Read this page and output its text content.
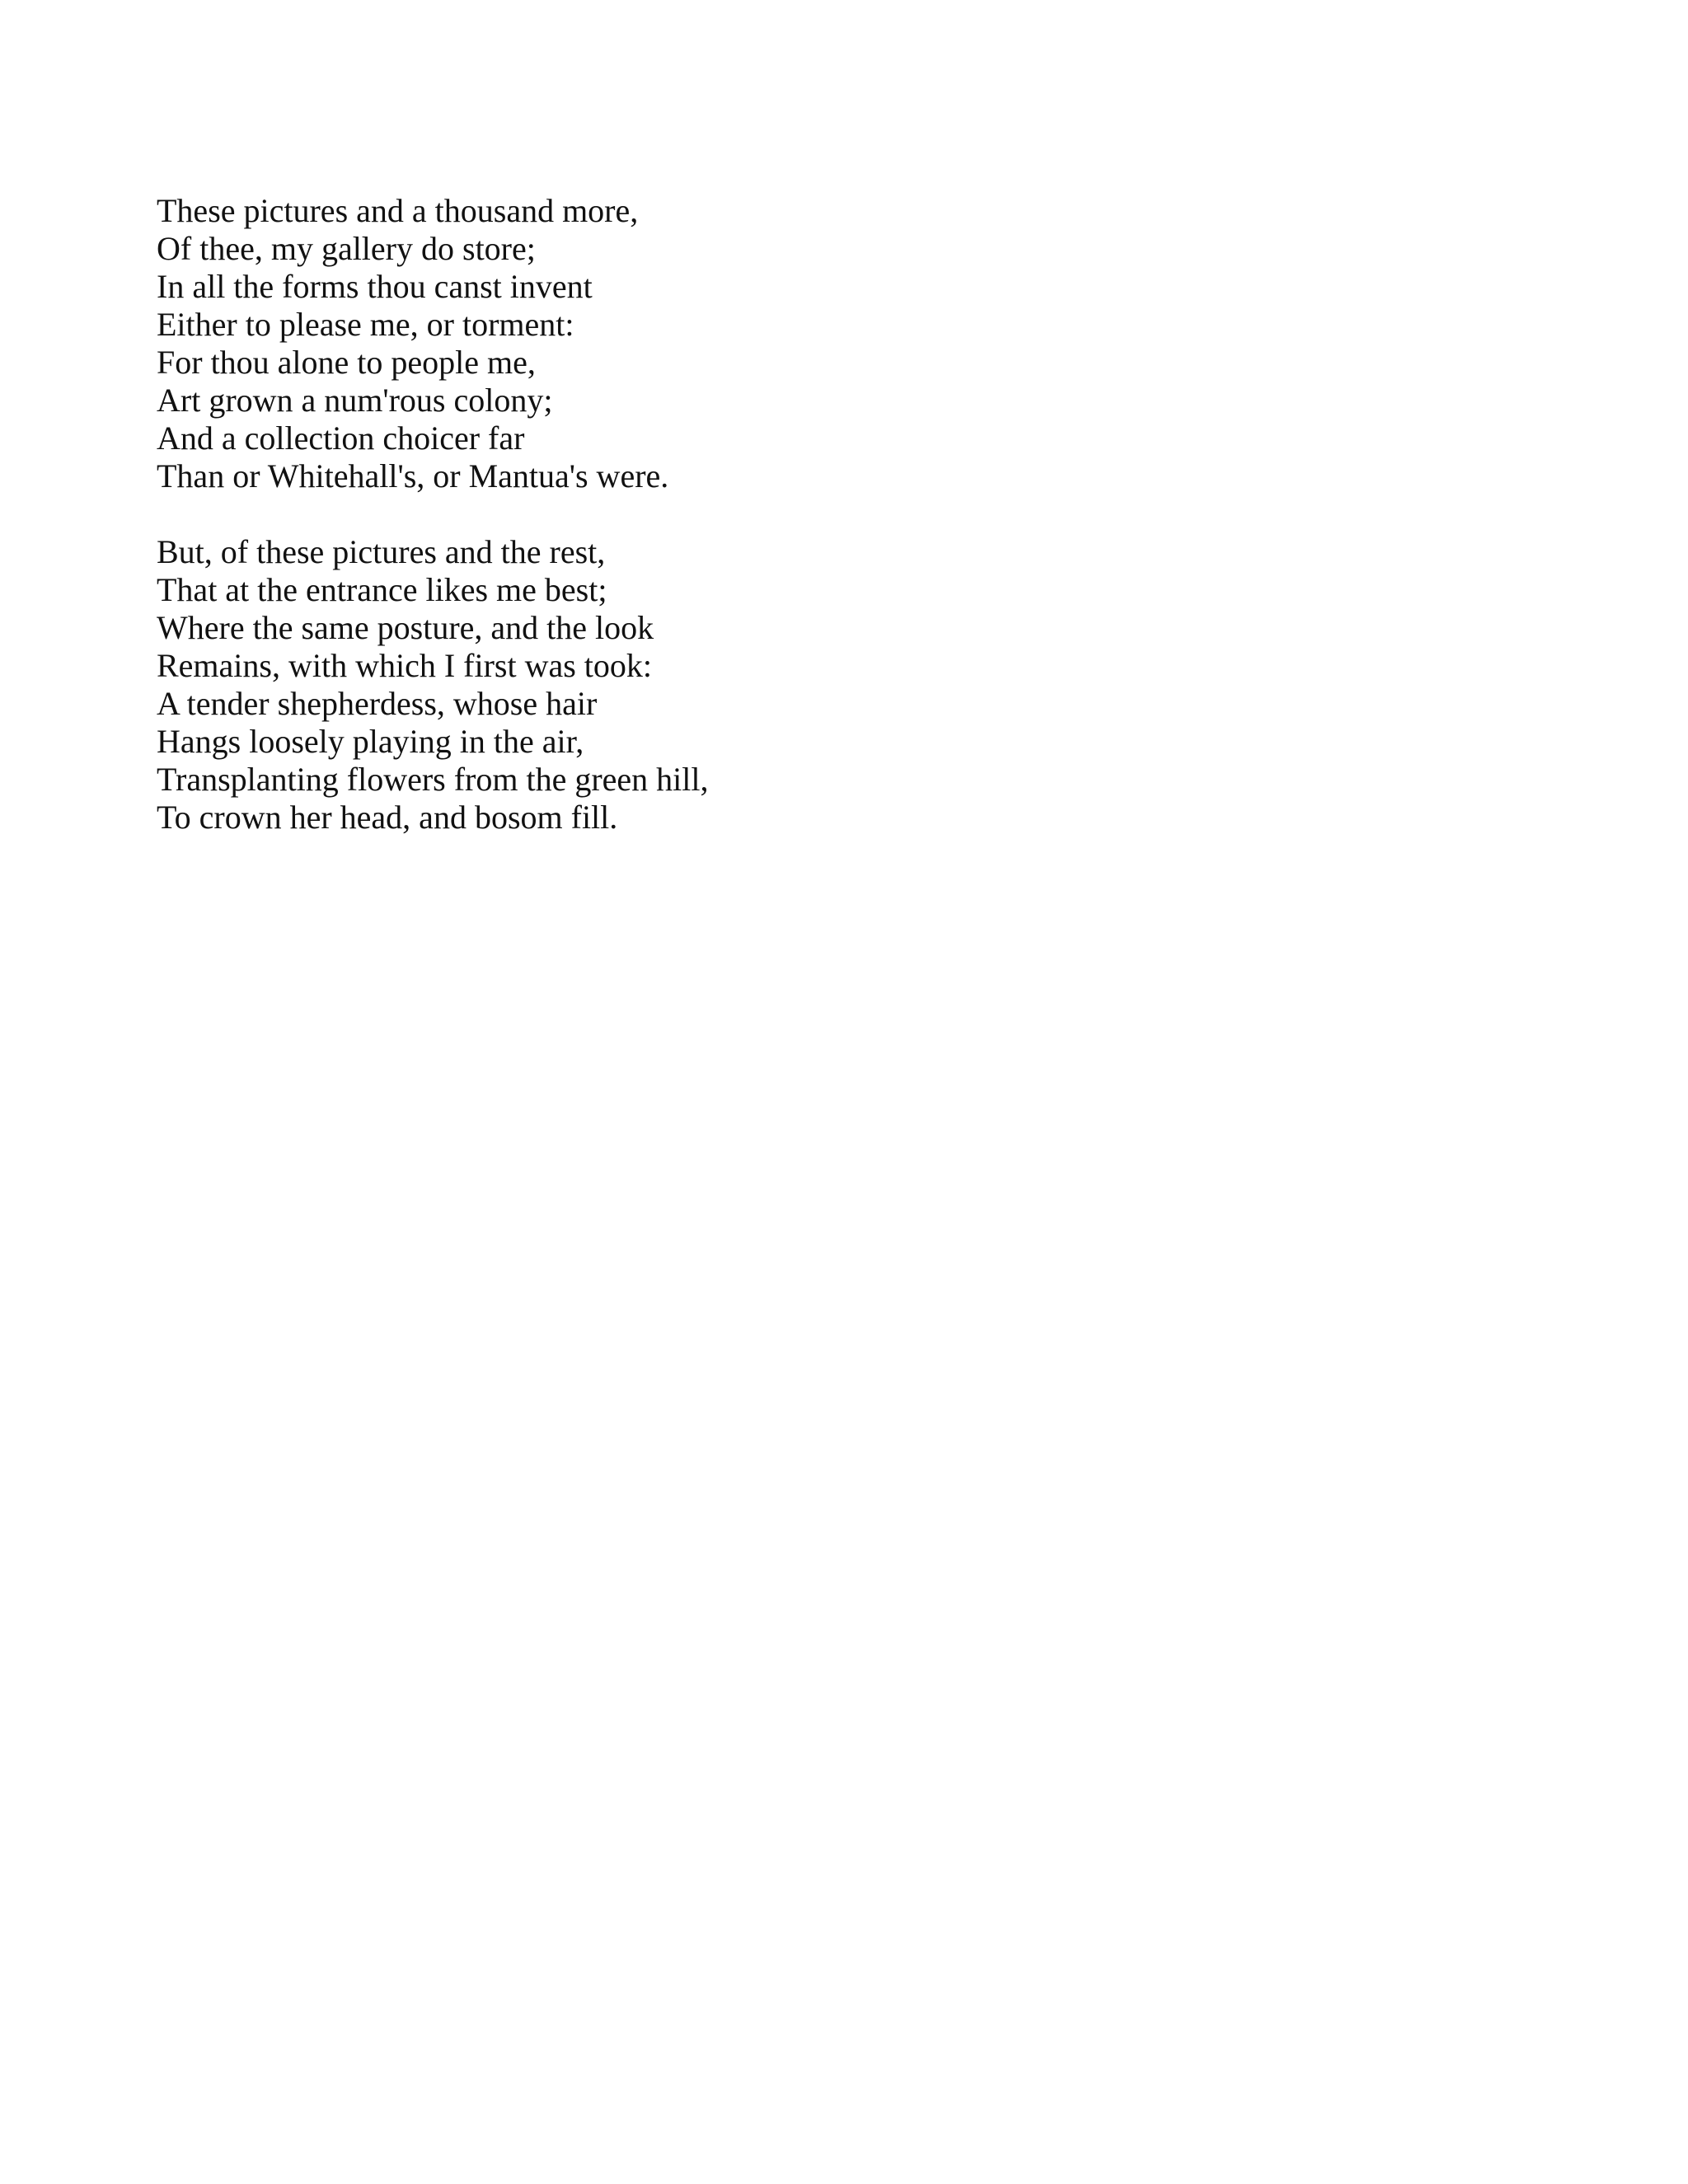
These pictures and a thousand more,
Of thee, my gallery do store;
In all the forms thou canst invent
Either to please me, or torment:
For thou alone to people me,
Art grown a num'rous colony;
And a collection choicer far
Than or Whitehall's, or Mantua's were.
But, of these pictures and the rest,
That at the entrance likes me best;
Where the same posture, and the look
Remains, with which I first was took:
A tender shepherdess, whose hair
Hangs loosely playing in the air,
Transplanting flowers from the green hill,
To crown her head, and bosom fill.
